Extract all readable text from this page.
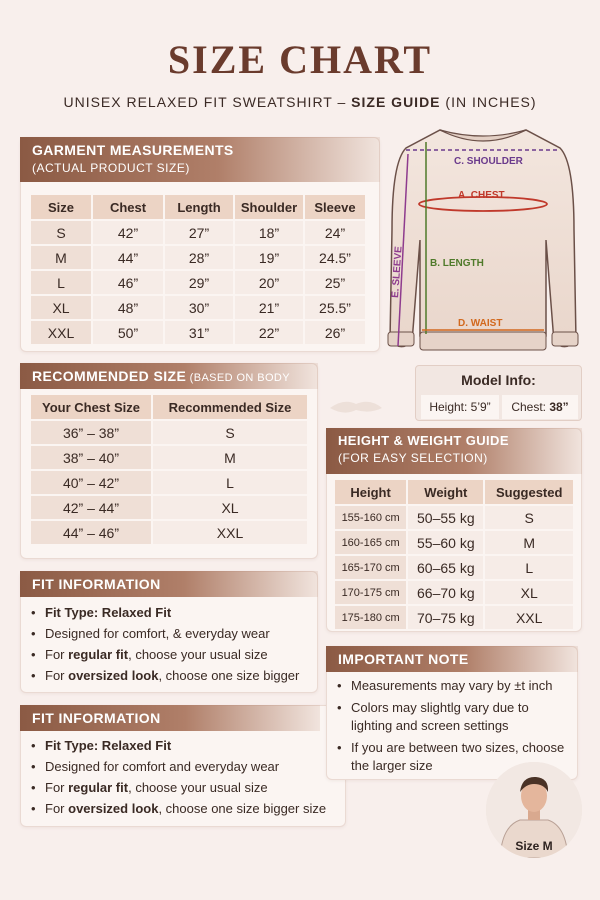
SIZE CHART
UNISEX RELAXED FIT SWEATSHIRT – SIZE GUIDE (IN INCHES)
GARMENT MEASUREMENTS
(ACTUAL PRODUCT SIZE)
Size	Chest	Length	Shoulder	Sleeve
S	42”	27”	18”	24”
M	44”	28”	19”	24.5”
L	46”	29”	20”	25”
XL	48”	30”	21”	25.5”
XXL	50”	31”	22”	26”
C. SHOULDER
A. CHEST
B. LENGTH
D. WAIST
E. SLEEVE
RECOMMENDED SIZE (BASED ON BODY
Your Chest Size	Recommended Size
36” – 38”	S
38” – 40”	M
40” – 42”	L
42” – 44”	XL
44” – 46”	XXL
Model Info:
Height: 5’9”	Chest: 38”
HEIGHT & WEIGHT GUIDE
(FOR EASY SELECTION)
Height	Weight	Suggested
155-160 cm	50–55 kg	S
160-165 cm	55–60 kg	M
165-170 cm	60–65 kg	L
170-175 cm	66–70 kg	XL
175-180 cm	70–75 kg	XXL
FIT INFORMATION
• Fit Type: Relaxed Fit
• Designed for comfort, & everyday wear
• For regular fit, choose your usual size
• For oversized look, choose one size bigger
FIT INFORMATION
• Fit Type: Relaxed Fit
• Designed for comfort and everyday wear
• For regular fit, choose your usual size
• For oversized look, choose one size bigger size
IMPORTANT NOTE
• Measurements may vary by ±t inch
• Colors may slightlg vary due to lighting and screen settings
• If you are between two sizes, choose the larger size
Size M
